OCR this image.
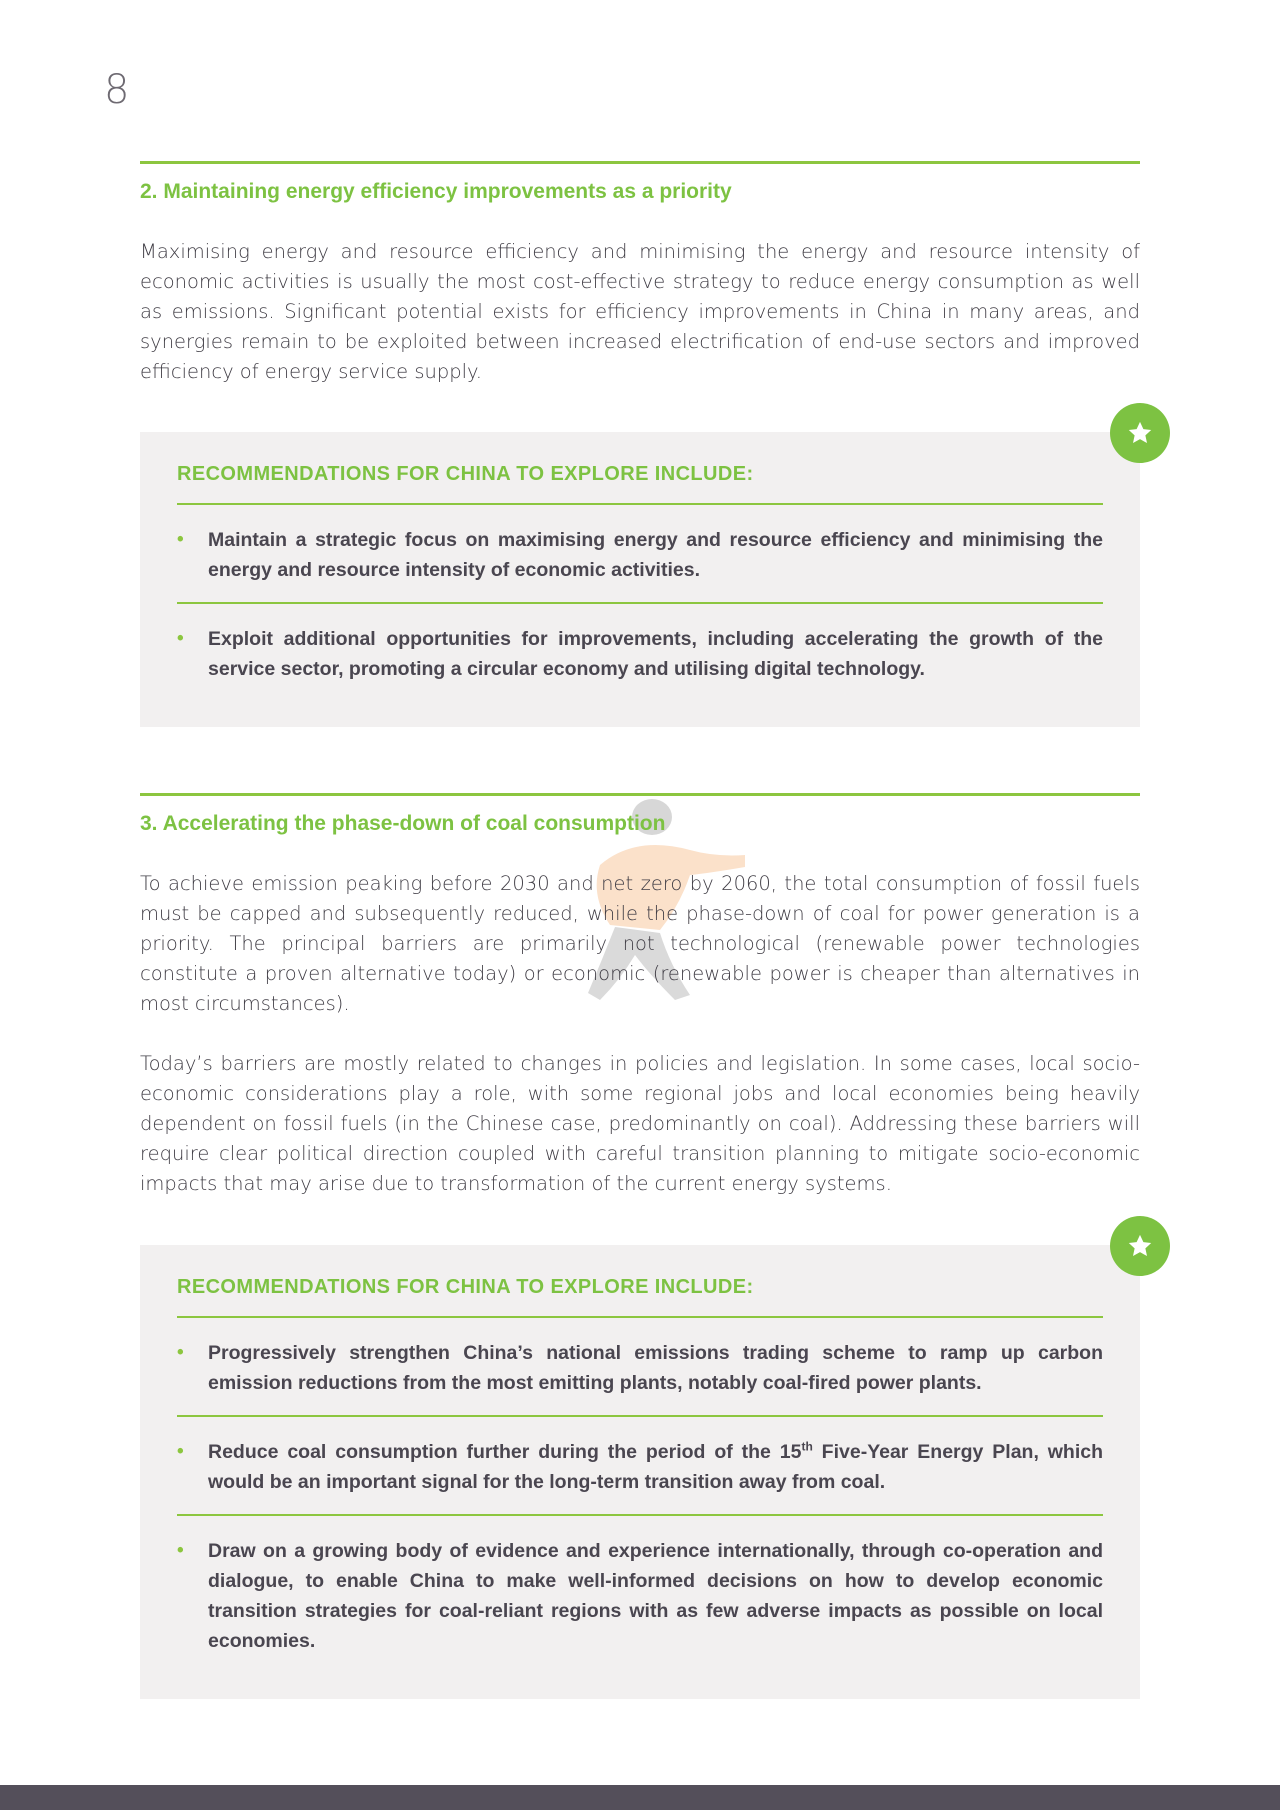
8
2. Maintaining energy efficiency improvements as a priority

Maximising energy and resource efficiency and minimising the energy and resource intensity of economic activities is usually the most cost-effective strategy to reduce energy consumption as well as emissions. Significant potential exists for efficiency improvements in China in many areas, and synergies remain to be exploited between increased electrification of end-use sectors and improved efficiency of energy service supply.

RECOMMENDATIONS FOR CHINA TO EXPLORE INCLUDE:
• Maintain a strategic focus on maximising energy and resource efficiency and minimising the energy and resource intensity of economic activities.
• Exploit additional opportunities for improvements, including accelerating the growth of the service sector, promoting a circular economy and utilising digital technology.
3. Accelerating the phase-down of coal consumption

To achieve emission peaking before 2030 and net zero by 2060, the total consumption of fossil fuels must be capped and subsequently reduced, while the phase-down of coal for power generation is a priority. The principal barriers are primarily not technological (renewable power technologies constitute a proven alternative today) or economic (renewable power is cheaper than alternatives in most circumstances).

Today’s barriers are mostly related to changes in policies and legislation. In some cases, local socio-economic considerations play a role, with some regional jobs and local economies being heavily dependent on fossil fuels (in the Chinese case, predominantly on coal). Addressing these barriers will require clear political direction coupled with careful transition planning to mitigate socio-economic impacts that may arise due to transformation of the current energy systems.

RECOMMENDATIONS FOR CHINA TO EXPLORE INCLUDE:
• Progressively strengthen China’s national emissions trading scheme to ramp up carbon emission reductions from the most emitting plants, notably coal-fired power plants.
• Reduce coal consumption further during the period of the 15th Five-Year Energy Plan, which would be an important signal for the long-term transition away from coal.
• Draw on a growing body of evidence and experience internationally, through co-operation and dialogue, to enable China to make well-informed decisions on how to develop economic transition strategies for coal-reliant regions with as few adverse impacts as possible on local economies.
